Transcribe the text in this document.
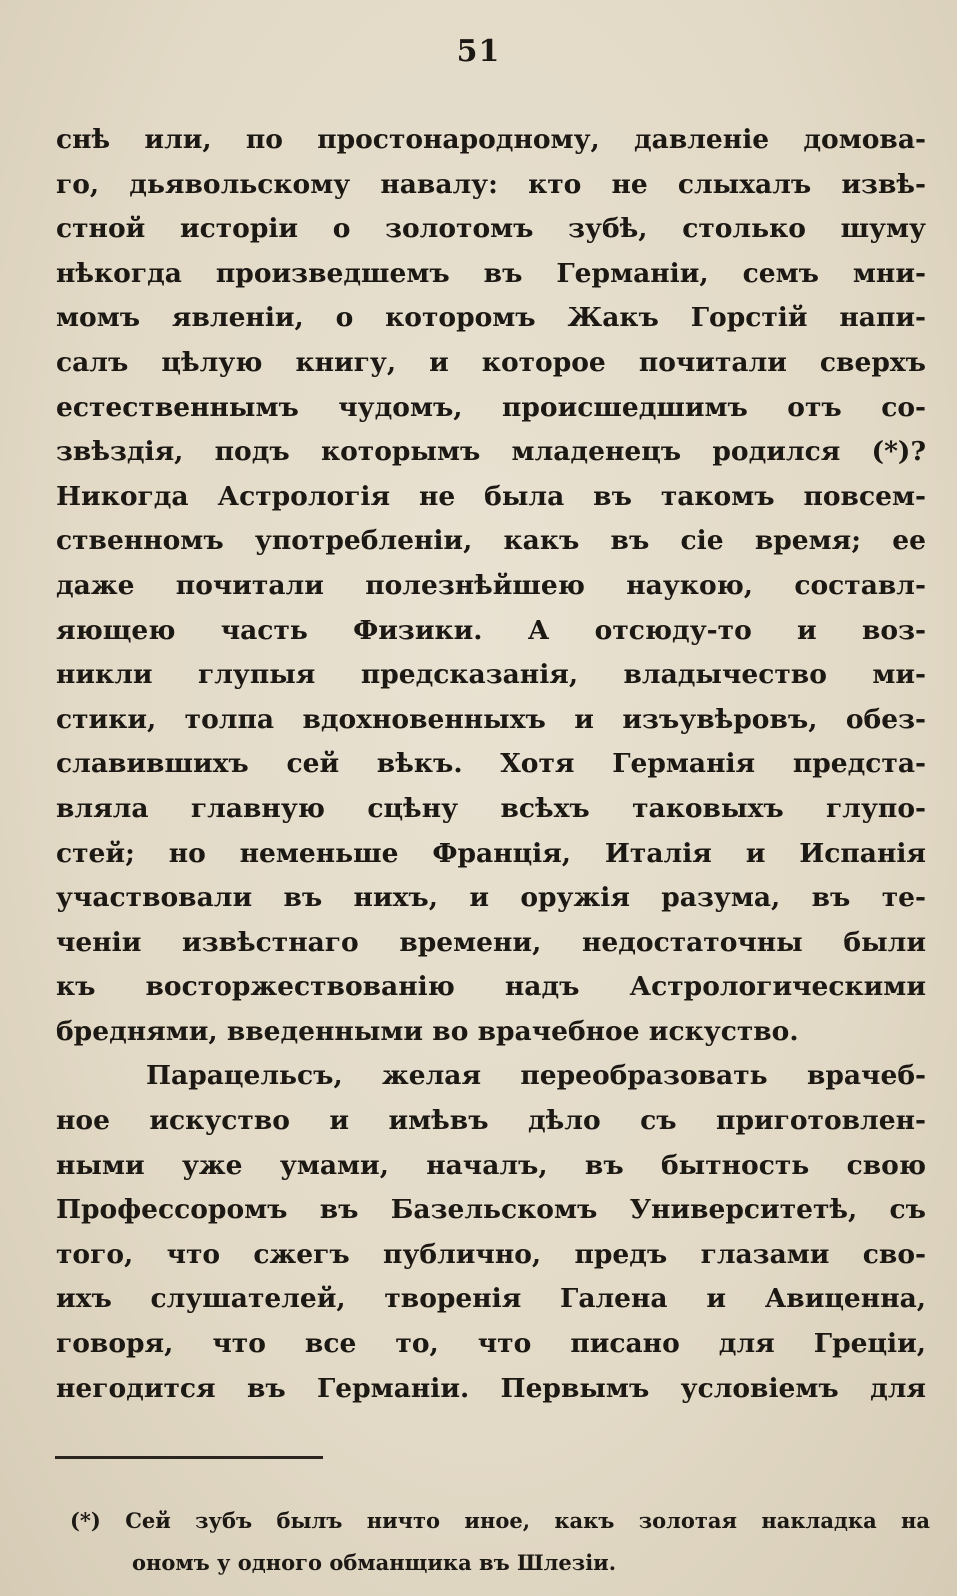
51
снѣ или, по простонародному, давленіе домова-
го, дьявольскому навалу: кто не слыхалъ извѣ-
стной исторіи о золотомъ зубѣ, столько шуму
нѣкогда произведшемъ въ Германіи, семъ мни-
момъ явленіи, о которомъ Жакъ Горстій напи-
салъ цѣлую книгу, и которое почитали сверхъ
естественнымъ чудомъ, происшедшимъ отъ со-
звѣздія, подъ которымъ младенецъ родился (*)?
Никогда Астрологія не была въ такомъ повсем-
ственномъ употребленіи, какъ въ сіе время; ее
даже почитали полезнѣйшею наукою, составл-
яющею часть Физики. А отсюду-то и воз-
никли глупыя предсказанія, владычество ми-
стики, толпа вдохновенныхъ и изъувѣровъ, обез-
славившихъ сей вѣкъ. Хотя Германія предста-
вляла главную сцѣну всѣхъ таковыхъ глупо-
стей; но неменьше Франція, Италія и Испанія
участвовали въ нихъ, и оружія разума, въ те-
ченіи извѣстнаго времени, недостаточны были
къ восторжествованію надъ Астрологическими
бреднями, введенными во врачебное искуство.
Парацельсъ, желая переобразовать врачеб-
ное искуство и имѣвъ дѣло съ приготовлен-
ными уже умами, началъ, въ бытность свою
Профессоромъ въ Базельскомъ Университетѣ, съ
того, что сжегъ публично, предъ глазами сво-
ихъ слушателей, творенія Галена и Авиценна,
говоря, что все то, что писано для Греціи,
негодится въ Германіи. Первымъ условіемъ для
(*) Сей зубъ былъ ничто иное, какъ золотая накладка на
ономъ у одного обманщика въ Шлезіи.
